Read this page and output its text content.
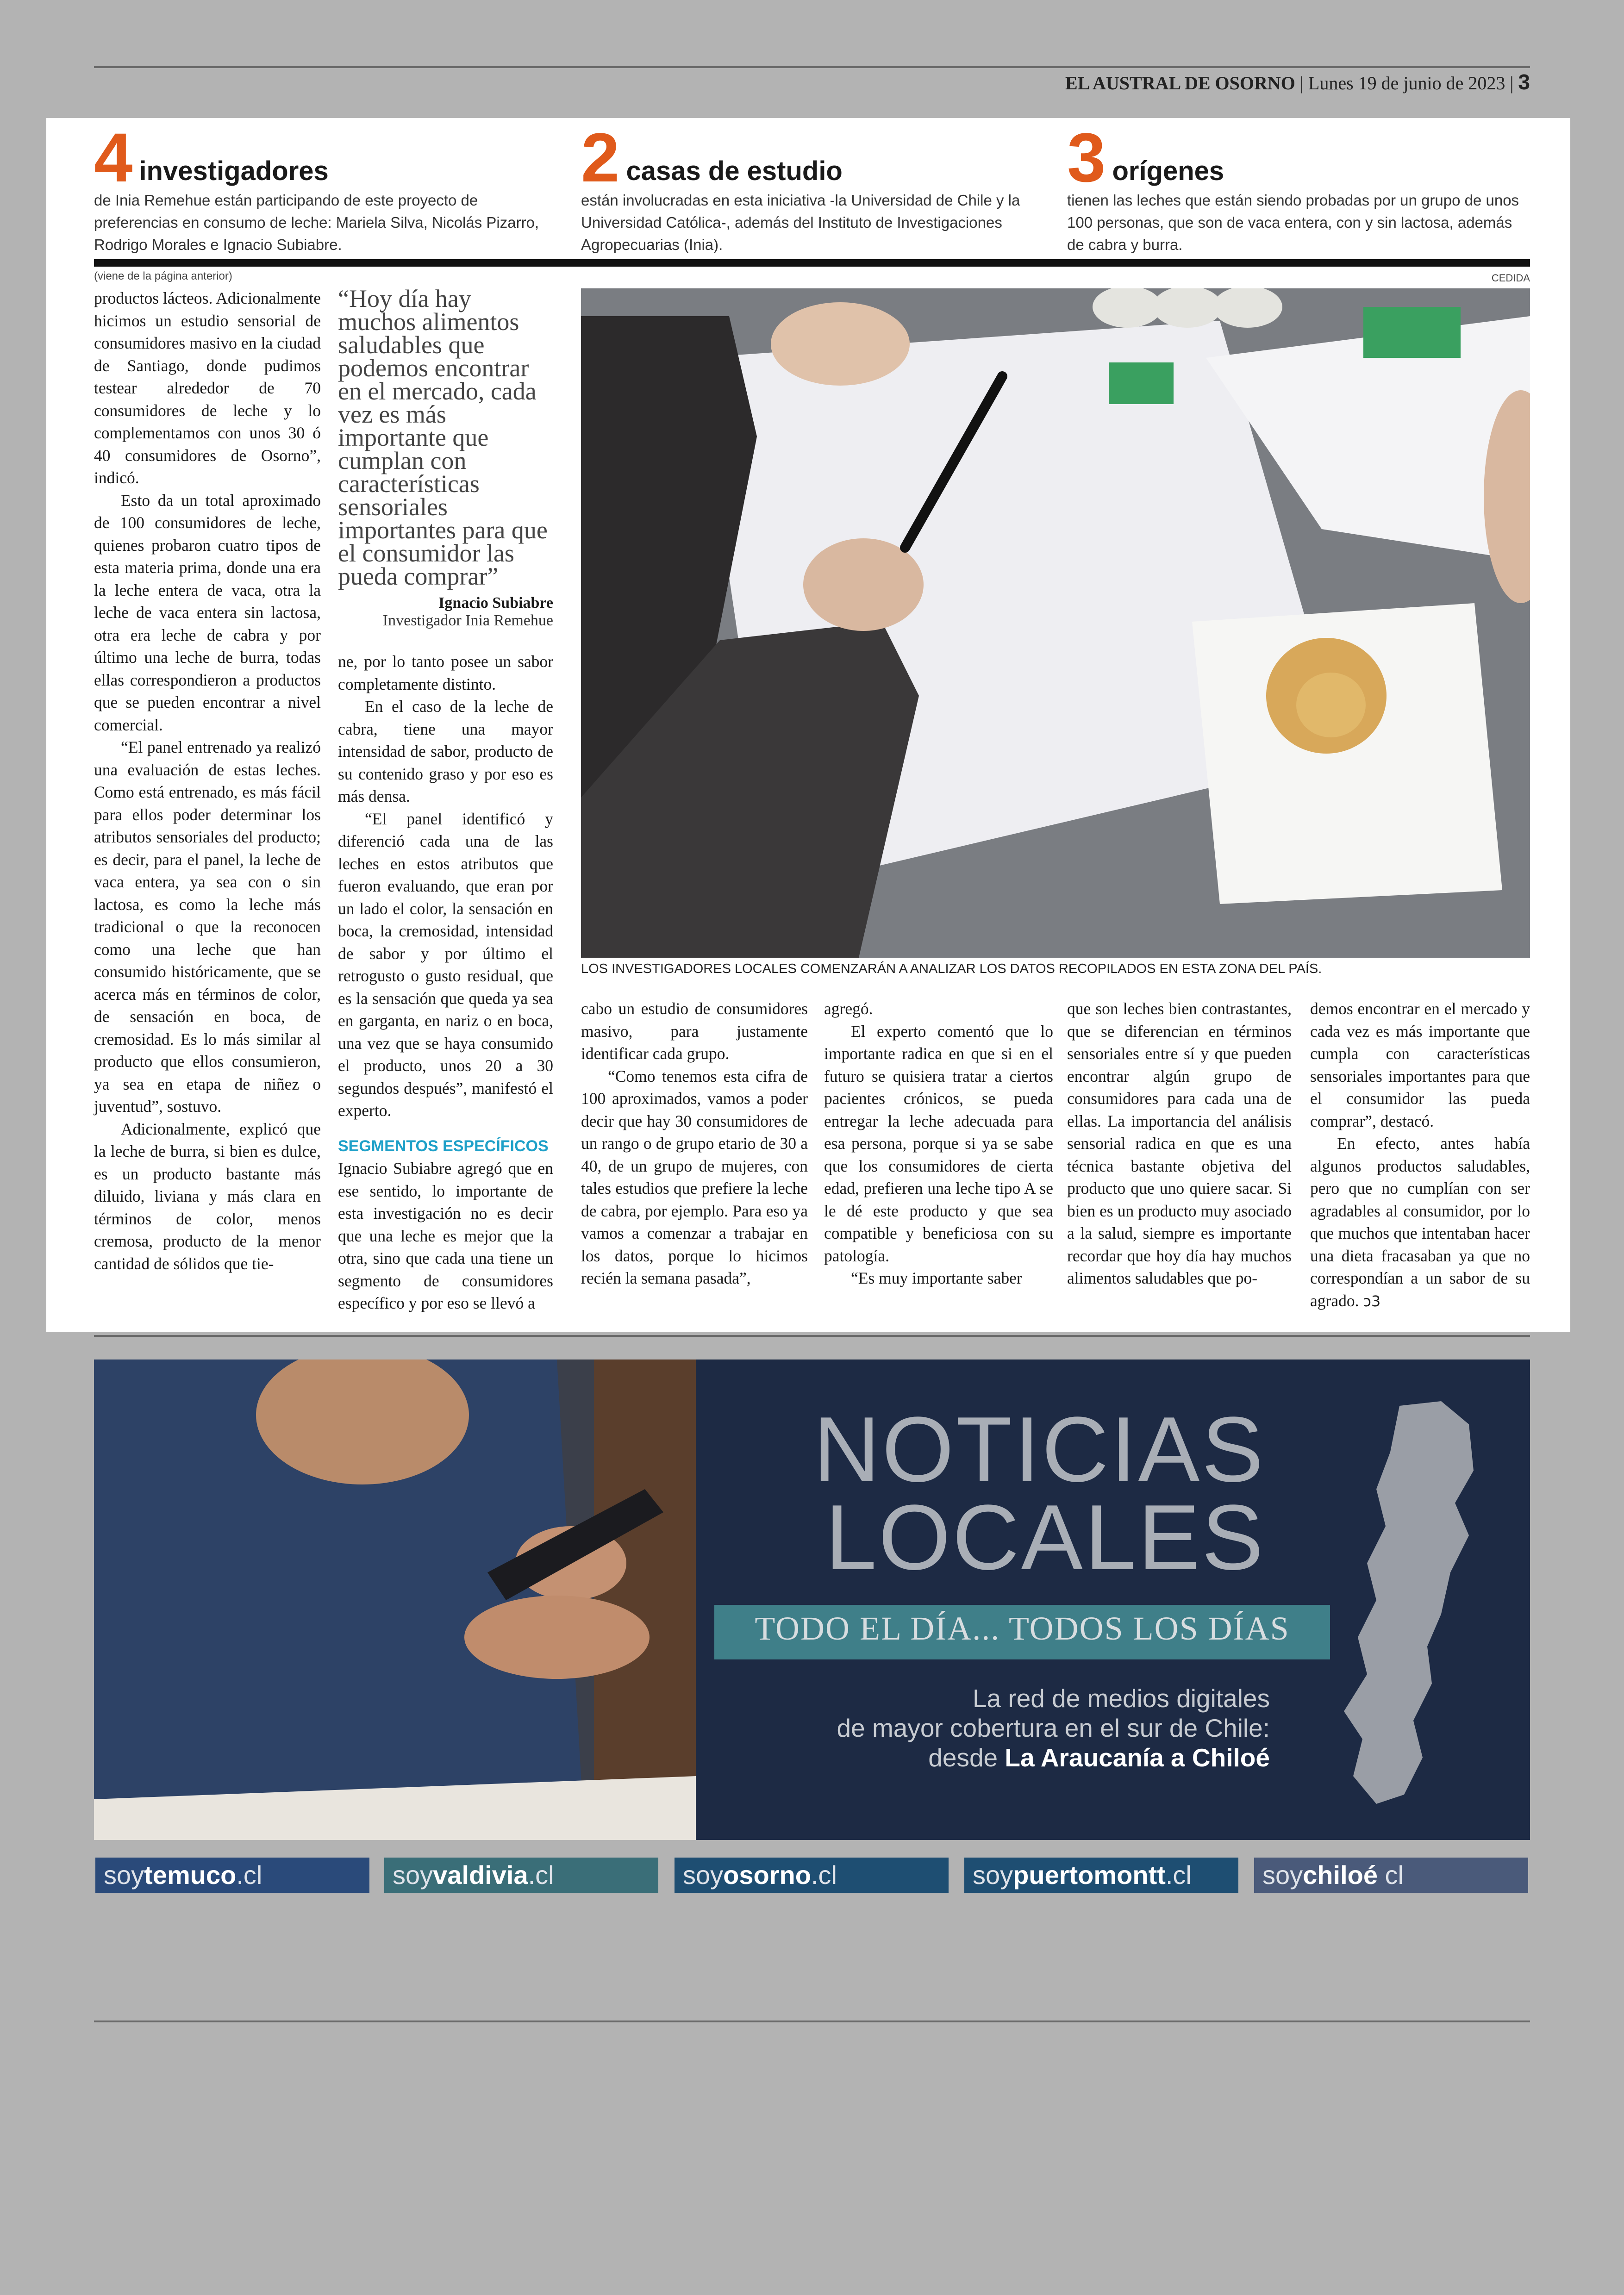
EL AUSTRAL DE OSORNO | Lunes 19 de junio de 2023 | 3
4 investigadores
de Inia Remehue están participando de este proyecto de preferencias en consumo de leche: Mariela Silva, Nicolás Pizarro, Rodrigo Morales e Ignacio Subiabre.
2 casas de estudio
están involucradas en esta iniciativa -la Universidad de Chile y la Universidad Católica-, además del Instituto de Investigaciones Agropecuarias (Inia).
3 orígenes
tienen las leches que están siendo probadas por un grupo de unos 100 personas, que son de vaca entera, con y sin lactosa, además de cabra y burra.
(viene de la página anterior)	CEDIDA

productos lácteos. Adicionalmente hicimos un estudio sensorial de consumidores masivo en la ciudad de Santiago, donde pudimos testear alrededor de 70 consumidores de leche y lo complementamos con unos 30 ó 40 consumidores de Osorno”, indicó.

Esto da un total aproximado de 100 consumidores de leche, quienes probaron cuatro tipos de esta materia prima, donde una era la leche entera de vaca, otra la leche de vaca entera sin lactosa, otra era leche de cabra y por último una leche de burra, todas ellas correspondieron a productos que se pueden encontrar a nivel comercial.

“El panel entrenado ya realizó una evaluación de estas leches. Como está entrenado, es más fácil para ellos poder determinar los atributos sensoriales del producto; es decir, para el panel, la leche de vaca entera, ya sea con o sin lactosa, es como la leche más tradicional o que la reconocen como una leche que han consumido históricamente, que se acerca más en términos de color, de sensación en boca, de cremosidad. Es lo más similar al producto que ellos consumieron, ya sea en etapa de niñez o juventud”, sostuvo.

Adicionalmente, explicó que la leche de burra, si bien es dulce, es un producto bastante más diluido, liviana y más clara en términos de color, menos cremosa, producto de la menor cantidad de sólidos que tie-

“Hoy día hay muchos alimentos saludables que podemos encontrar en el mercado, cada vez es más importante que cumplan con características sensoriales importantes para que el consumidor las pueda comprar”
Ignacio Subiabre
Investigador Inia Remehue

ne, por lo tanto posee un sabor completamente distinto.

En el caso de la leche de cabra, tiene una mayor intensidad de sabor, producto de su contenido graso y por eso es más densa.

“El panel identificó y diferenció cada una de las leches en estos atributos que fueron evaluando, que eran por un lado el color, la sensación en boca, la cremosidad, intensidad de sabor y por último el retrogusto o gusto residual, que es la sensación que queda ya sea en garganta, en nariz o en boca, una vez que se haya consumido el producto, unos 20 a 30 segundos después”, manifestó el experto.

SEGMENTOS ESPECÍFICOS

Ignacio Subiabre agregó que en ese sentido, lo importante de esta investigación no es decir que una leche es mejor que la otra, sino que cada una tiene un segmento de consumidores específico y por eso se llevó a

LOS INVESTIGADORES LOCALES COMENZARÁN A ANALIZAR LOS DATOS RECOPILADOS EN ESTA ZONA DEL PAÍS.

cabo un estudio de consumidores masivo, para justamente identificar cada grupo.

“Como tenemos esta cifra de 100 aproximados, vamos a poder decir que hay 30 consumidores de un rango o de grupo etario de 30 a 40, de un grupo de mujeres, con tales estudios que prefiere la leche de cabra, por ejemplo. Para eso ya vamos a comenzar a trabajar en los datos, porque lo hicimos recién la semana pasada”,

agregó.

El experto comentó que lo importante radica en que si en el futuro se quisiera tratar a ciertos pacientes crónicos, se pueda entregar la leche adecuada para esa persona, porque si ya se sabe que los consumidores de cierta edad, prefieren una leche tipo A se le dé este producto y que sea compatible y beneficiosa con su patología.

“Es muy importante saber

que son leches bien contrastantes, que se diferencian en términos sensoriales entre sí y que pueden encontrar algún grupo de consumidores para cada una de ellas. La importancia del análisis sensorial radica en que es una técnica bastante objetiva del producto que uno quiere sacar. Si bien es un producto muy asociado a la salud, siempre es importante recordar que hoy día hay muchos alimentos saludables que po-

demos encontrar en el mercado y cada vez es más importante que cumpla con características sensoriales importantes para que el consumidor las pueda comprar”, destacó.

En efecto, antes había algunos productos saludables, pero que no cumplían con ser agradables al consumidor, por lo que muchos que intentaban hacer una dieta fracasaban ya que no correspondían a un sabor de su agrado. ↄ3

NOTICIAS
LOCALES
TODO EL DÍA... TODOS LOS DÍAS
La red de medios digitales
de mayor cobertura en el sur de Chile:
desde La Araucanía a Chiloé
soytemuco.cl	soyvaldivia.cl	soyosorno.cl	soypuertomontt.cl	soychiloé cl
